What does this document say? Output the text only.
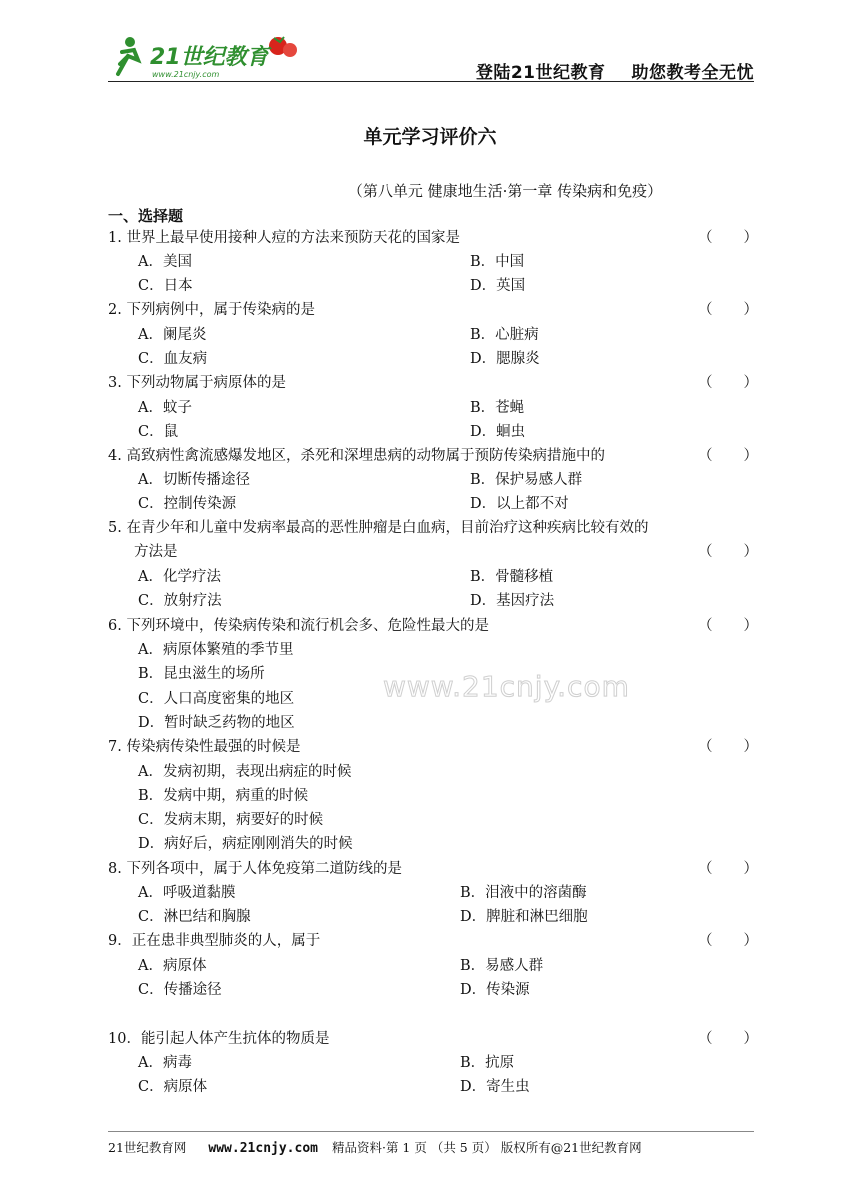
21世纪教育
www.21cnjy.com	登陆21世纪教育 助您教考全无忧
单元学习评价六
（第八单元 健康地生活·第一章 传染病和免疫）
一、选择题
www.21cnjy.com
1. 世界上最早使用接种人痘的方法来预防天花的国家是	（ ）
A．美国	B．中国
C．日本	D．英国
2. 下列病例中，属于传染病的是	（ ）
A．阑尾炎	B．心脏病
C．血友病	D．腮腺炎
3. 下列动物属于病原体的是	（ ）
A．蚊子	B．苍蝇
C．鼠	D．蛔虫
4. 高致病性禽流感爆发地区，杀死和深埋患病的动物属于预防传染病措施中的	（ ）
A．切断传播途径	B．保护易感人群
C．控制传染源	D．以上都不对
5. 在青少年和儿童中发病率最高的恶性肿瘤是白血病，目前治疗这种疾病比较有效的
方法是	（ ）
A．化学疗法	B．骨髓移植
C．放射疗法	D．基因疗法
6. 下列环境中，传染病传染和流行机会多、危险性最大的是	（ ）
A．病原体繁殖的季节里
B．昆虫滋生的场所
C．人口高度密集的地区
D．暂时缺乏药物的地区
7. 传染病传染性最强的时候是	（ ）
A．发病初期，表现出病症的时候
B．发病中期，病重的时候
C．发病末期，病要好的时候
D．病好后，病症刚刚消失的时候
8. 下列各项中，属于人体免疫第二道防线的是	（ ）
A．呼吸道黏膜	B．泪液中的溶菌酶
C．淋巴结和胸腺	D．脾脏和淋巴细胞
9．正在患非典型肺炎的人，属于	（ ）
A．病原体	B．易感人群
C．传播途径	D．传染源
10．能引起人体产生抗体的物质是	（ ）
A．病毒	B．抗原
C．病原体	D．寄生虫
21世纪教育网 www.21cnjy.com 精品资料·第 1 页 （共 5 页） 版权所有@21世纪教育网
